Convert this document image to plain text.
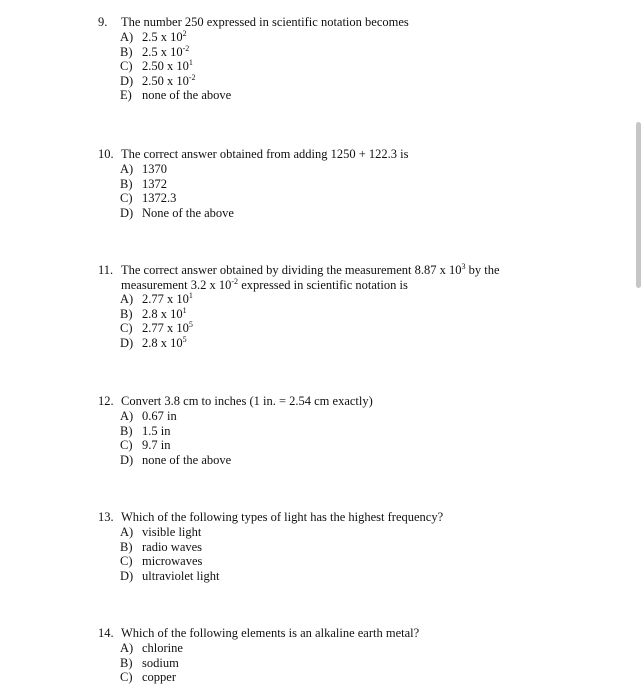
9. The number 250 expressed in scientific notation becomes
A) 2.5 x $10^2$
B) 2.5 x $10^{-2}$
C) 2.50 x $10^1$
D) 2.50 x $10^{-2}$
E) none of the above
10. The correct answer obtained from adding 1250 + 122.3 is
A) 1370
B) 1372
C) 1372.3
D) None of the above
11. The correct answer obtained by dividing the measurement 8.87 x $10^3$ by the
measurement 3.2 x $10^{-2}$ expressed in scientific notation is
A) 2.77 x $10^1$
B) 2.8 x $10^1$
C) 2.77 x $10^5$
D) 2.8 x $10^5$
12. Convert 3.8 cm to inches (1 in. = 2.54 cm exactly)
A) 0.67 in
B) 1.5 in
C) 9.7 in
D) none of the above
13. Which of the following types of light has the highest frequency?
A) visible light
B) radio waves
C) microwaves
D) ultraviolet light
14. Which of the following elements is an alkaline earth metal?
A) chlorine
B) sodium
C) copper
